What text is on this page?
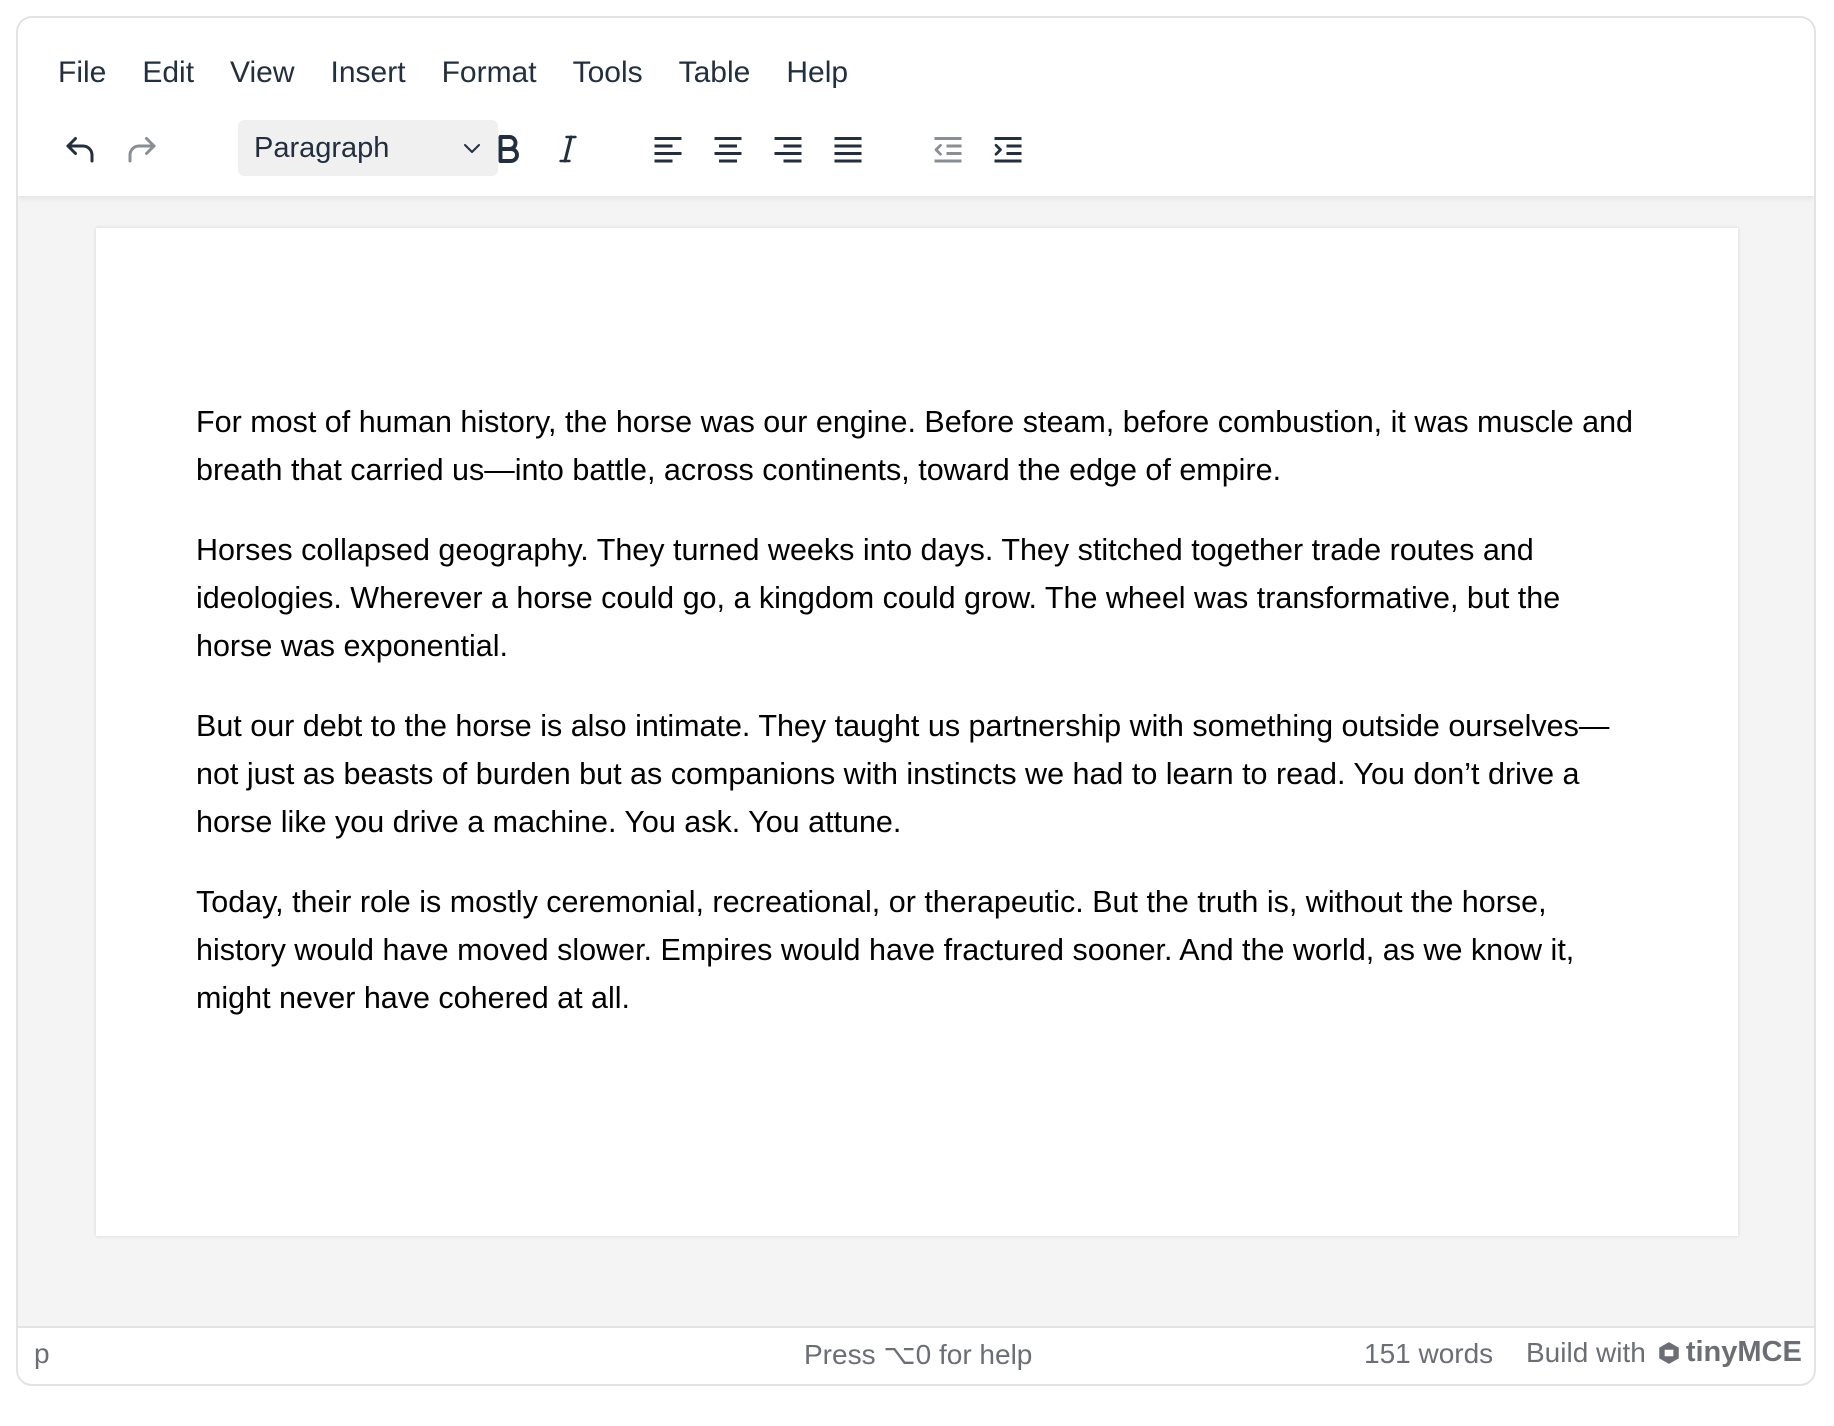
File	Edit	View	Insert	Format	Tools	Table	Help
Paragraph

For most of human history, the horse was our engine. Before steam, before combustion, it was muscle and breath that carried us—into battle, across continents, toward the edge of empire.

Horses collapsed geography. They turned weeks into days. They stitched together trade routes and ideologies. Wherever a horse could go, a kingdom could grow. The wheel was transformative, but the horse was exponential.

But our debt to the horse is also intimate. They taught us partnership with something outside ourselves—not just as beasts of burden but as companions with instincts we had to learn to read. You don’t drive a horse like you drive a machine. You ask. You attune.

Today, their role is mostly ceremonial, recreational, or therapeutic. But the truth is, without the horse, history would have moved slower. Empires would have fractured sooner. And the world, as we know it, might never have cohered at all.

p	Press ⌥0 for help	151 words Build with tinyMCE
